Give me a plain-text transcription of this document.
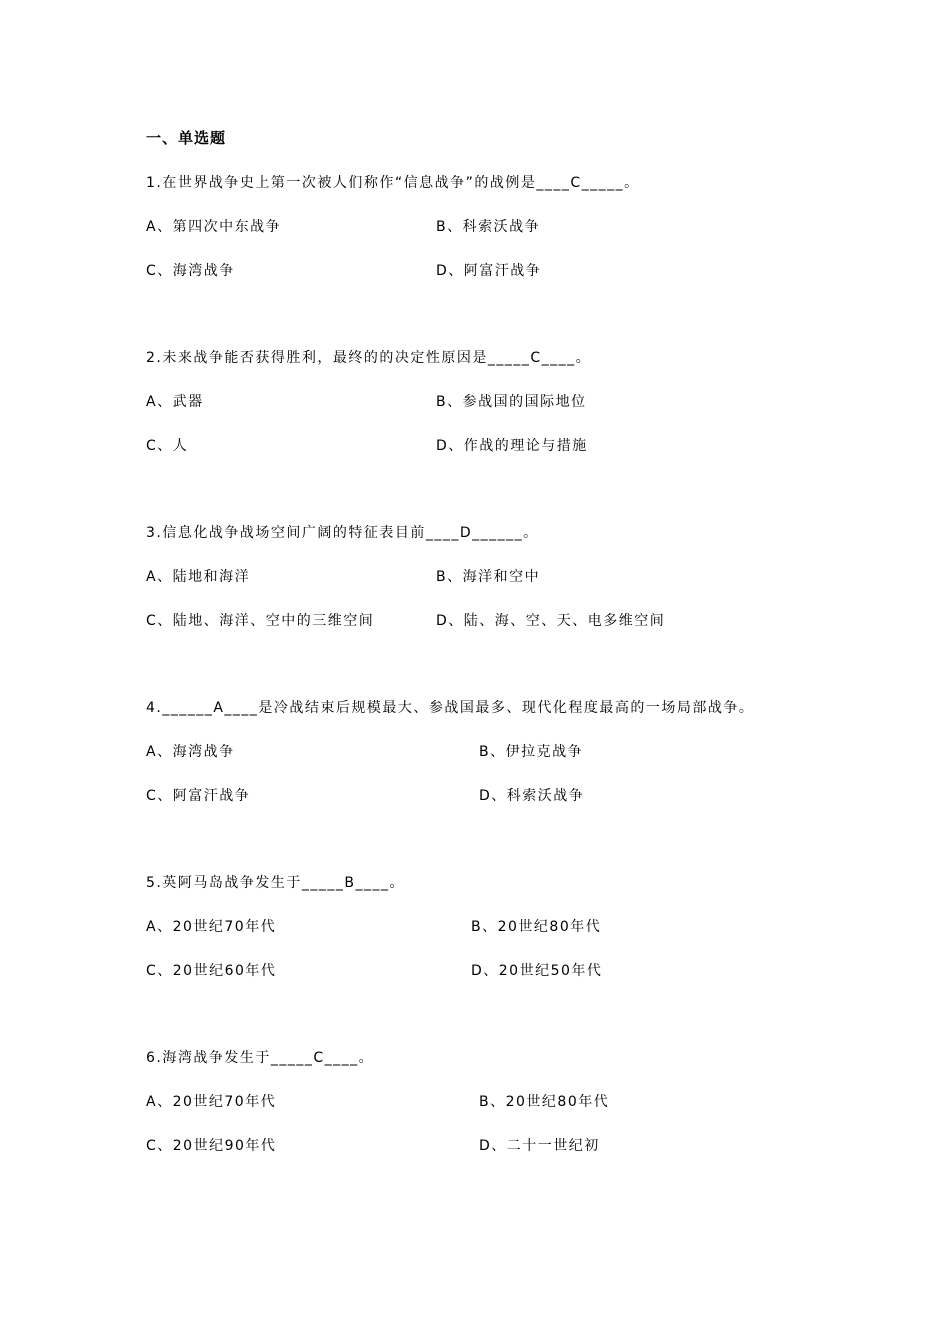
一、单选题
1.在世界战争史上第一次被人们称作“信息战争”的战例是____C_____。
A、第四次中东战争	B、科索沃战争
C、海湾战争	D、阿富汗战争
2.未来战争能否获得胜利，最终的的决定性原因是_____C____。
A、武器	B、参战国的国际地位
C、人	D、作战的理论与措施
3.信息化战争战场空间广阔的特征表目前____D______。
A、陆地和海洋	B、海洋和空中
C、陆地、海洋、空中的三维空间	D、陆、海、空、天、电多维空间
4.______A____是冷战结束后规模最大、参战国最多、现代化程度最高的一场局部战争。
A、海湾战争	B、伊拉克战争
C、阿富汗战争	D、科索沃战争
5.英阿马岛战争发生于_____B____。
A、20世纪70年代	B、20世纪80年代
C、20世纪60年代	D、20世纪50年代
6.海湾战争发生于_____C____。
A、20世纪70年代	B、20世纪80年代
C、20世纪90年代	D、二十一世纪初
